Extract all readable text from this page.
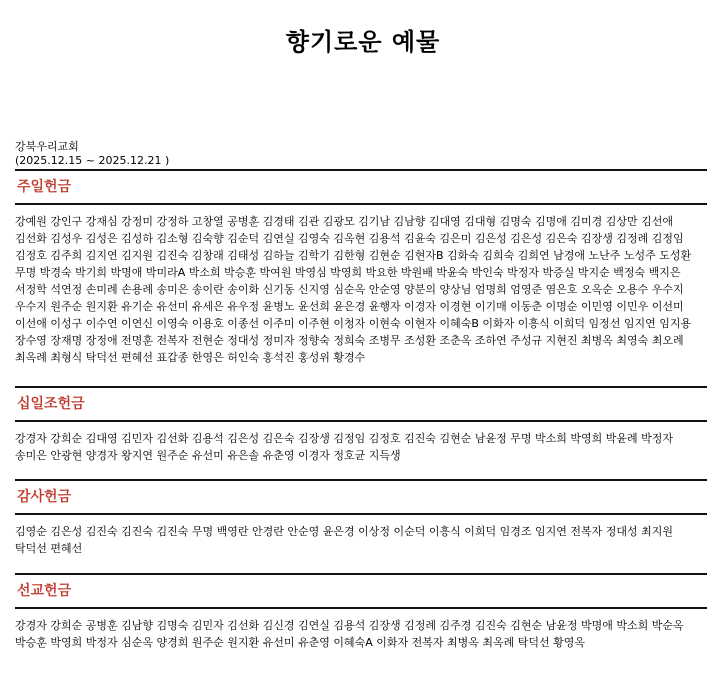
향기로운 예물
강북우리교회
(2025.12.15 ~ 2025.12.21 )
주일헌금
강예원 강인구 강재심 강정미 강정하 고창열 공병훈 김경태 김관 김광모 김기남 김남향 김대영 김대형 김명숙 김명애 김미경 김상만 김선애 김선화 김성우 김성은 김성하 김소형 김숙향 김순덕 김연실 김영숙 김옥현 김용석 김윤숙 김은미 김은성 김은성 김은숙 김장생 김정례 김정임 김정호 김주희 김지연 김지원 김진숙 김창래 김태성 김하늘 김학기 김한형 김현순 김현자B 김화숙 김희숙 김희연 남경애 노난주 노성주 도성환 무명 박경숙 박기희 박명애 박미라A 박소희 박승훈 박여원 박영심 박영희 박요한 박원배 박윤숙 박인숙 박정자 박증실 박지순 백정숙 백지은 서정학 석연정 손미례 손용례 송미은 송이란 송이화 신기동 신지영 심순옥 안순영 양분의 양상님 엄명희 엄영준 염은호 오옥순 오용수 우수지 우수지 원주순 원지환 유기순 유선미 유세은 유우정 윤병노 윤선희 윤은경 윤행자 이경자 이경현 이기매 이동춘 이명순 이민영 이민우 이선미 이선애 이성구 이수연 이연신 이영숙 이용호 이종선 이주미 이주현 이청자 이현숙 이현자 이혜숙B 이화자 이흥식 이희덕 임정선 임지연 임지용 장수영 장재명 장정애 전명훈 전복자 전현순 정대성 정미자 정향숙 정희숙 조병무 조성환 조춘옥 조하연 주성규 지현진 최병옥 최영숙 최오례 최옥례 최형식 탁덕선 편혜선 표갑종 한영은 허인숙 홍석진 홍성위 황경수
십일조헌금
강경자 강희순 김대영 김민자 김선화 김용석 김은성 김은숙 김장생 김정임 김정호 김진숙 김현순 남윤정 무명 박소희 박영희 박윤례 박정자 송미은 안광현 양경자 왕지연 원주순 유선미 유은솔 유춘영 이경자 정호균 지득생
감사헌금
김영순 김은성 김진숙 김진숙 김진숙 무명 백영란 안경란 안순영 윤은경 이상정 이순덕 이흥식 이희덕 임경조 임지연 전복자 정대성 최지원 탁덕선 편혜선
선교헌금
강경자 강희순 공병훈 김남향 김명숙 김민자 김선화 김신경 김연실 김용석 김장생 김정례 김주경 김진숙 김현순 남윤정 박명애 박소희 박순옥 박승훈 박영희 박정자 심순옥 양경희 원주순 원지환 유선미 유춘영 이혜숙A 이화자 전복자 최병옥 최옥례 탁덕선 황영옥
